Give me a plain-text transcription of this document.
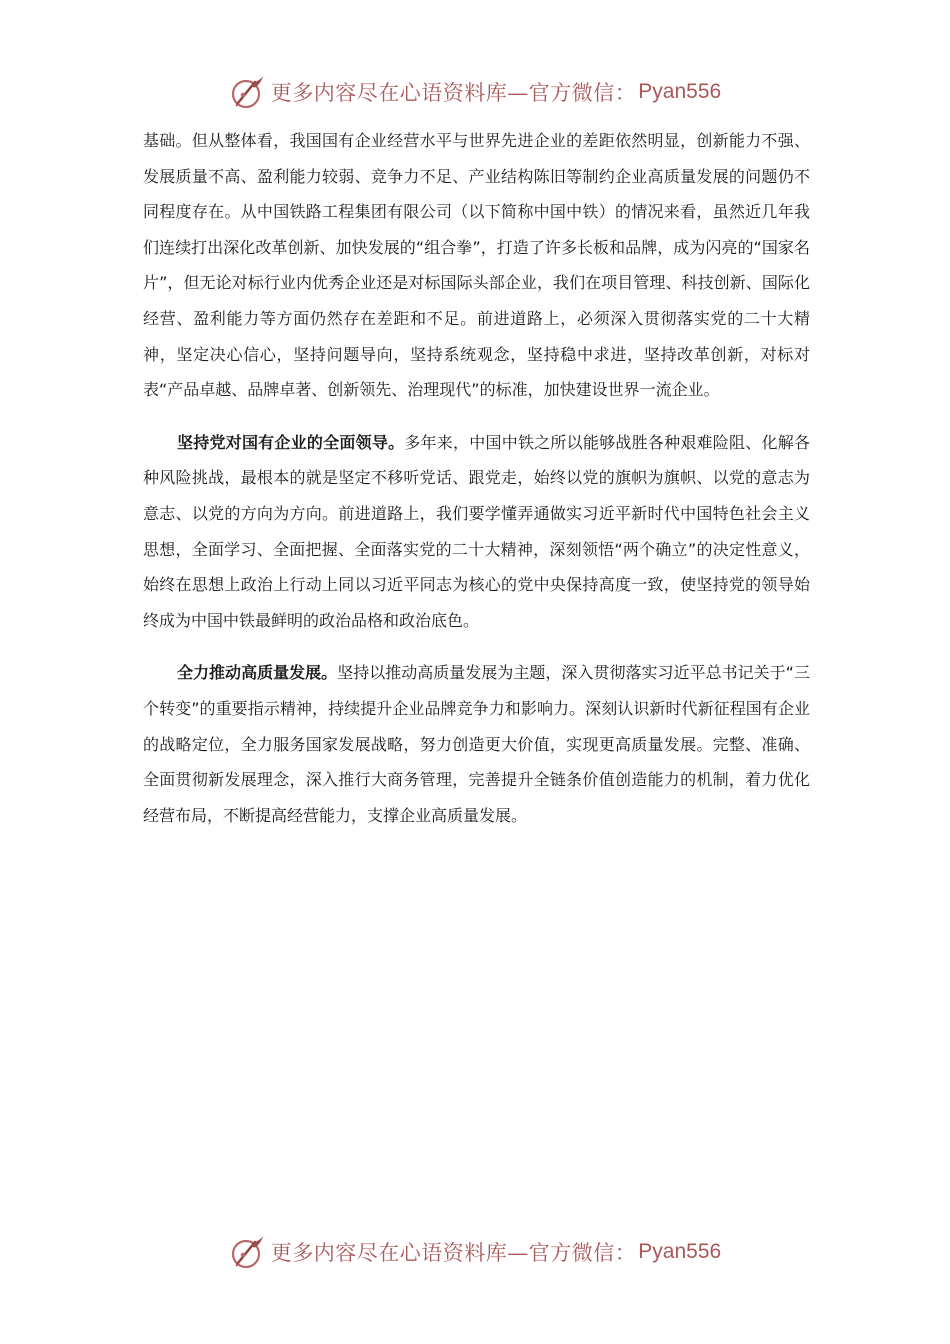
更多内容尽在心语资料库—官方微信： Pyan556

基础。但从整体看，我国国有企业经营水平与世界先进企业的差距依然明显，创新能力不强、发展质量不高、盈利能力较弱、竞争力不足、产业结构陈旧等制约企业高质量发展的问题仍不同程度存在。从中国铁路工程集团有限公司（以下简称中国中铁）的情况来看，虽然近几年我们连续打出深化改革创新、加快发展的“组合拳”，打造了许多长板和品牌，成为闪亮的“国家名片”，但无论对标行业内优秀企业还是对标国际头部企业，我们在项目管理、科技创新、国际化经营、盈利能力等方面仍然存在差距和不足。前进道路上，必须深入贯彻落实党的二十大精神，坚定决心信心，坚持问题导向，坚持系统观念，坚持稳中求进，坚持改革创新，对标对表“产品卓越、品牌卓著、创新领先、治理现代”的标准，加快建设世界一流企业。

坚持党对国有企业的全面领导。多年来，中国中铁之所以能够战胜各种艰难险阻、化解各种风险挑战，最根本的就是坚定不移听党话、跟党走，始终以党的旗帜为旗帜、以党的意志为意志、以党的方向为方向。前进道路上，我们要学懂弄通做实习近平新时代中国特色社会主义思想，全面学习、全面把握、全面落实党的二十大精神，深刻领悟“两个确立”的决定性意义，始终在思想上政治上行动上同以习近平同志为核心的党中央保持高度一致，使坚持党的领导始终成为中国中铁最鲜明的政治品格和政治底色。

全力推动高质量发展。坚持以推动高质量发展为主题，深入贯彻落实习近平总书记关于“三个转变”的重要指示精神，持续提升企业品牌竞争力和影响力。深刻认识新时代新征程国有企业的战略定位，全力服务国家发展战略，努力创造更大价值，实现更高质量发展。完整、准确、全面贯彻新发展理念，深入推行大商务管理，完善提升全链条价值创造能力的机制，着力优化经营布局，不断提高经营能力，支撑企业高质量发展。

更多内容尽在心语资料库—官方微信： Pyan556
